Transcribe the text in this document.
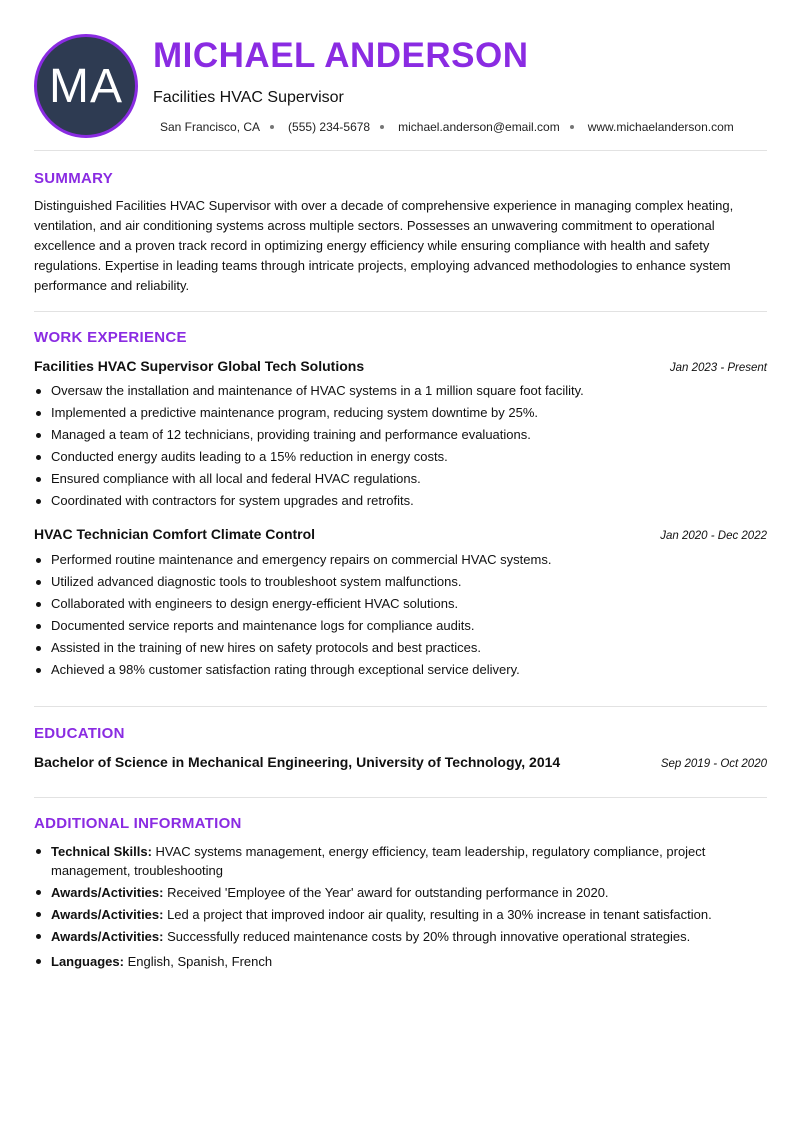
MA
MICHAEL ANDERSON
Facilities HVAC Supervisor
San Francisco, CA (555) 234-5678 michael.anderson@email.com www.michaelanderson.com
SUMMARY

Distinguished Facilities HVAC Supervisor with over a decade of comprehensive experience in managing complex heating, ventilation, and air conditioning systems across multiple sectors. Possesses an unwavering commitment to operational excellence and a proven track record in optimizing energy efficiency while ensuring compliance with health and safety regulations. Expertise in leading teams through intricate projects, employing advanced methodologies to enhance system performance and reliability.

WORK EXPERIENCE
Facilities HVAC Supervisor Global Tech Solutions	Jan 2023 - Present
Oversaw the installation and maintenance of HVAC systems in a 1 million square foot facility.
Implemented a predictive maintenance program, reducing system downtime by 25%.
Managed a team of 12 technicians, providing training and performance evaluations.
Conducted energy audits leading to a 15% reduction in energy costs.
Ensured compliance with all local and federal HVAC regulations.
Coordinated with contractors for system upgrades and retrofits.
HVAC Technician Comfort Climate Control	Jan 2020 - Dec 2022
Performed routine maintenance and emergency repairs on commercial HVAC systems.
Utilized advanced diagnostic tools to troubleshoot system malfunctions.
Collaborated with engineers to design energy-efficient HVAC solutions.
Documented service reports and maintenance logs for compliance audits.
Assisted in the training of new hires on safety protocols and best practices.
Achieved a 98% customer satisfaction rating through exceptional service delivery.
EDUCATION
Bachelor of Science in Mechanical Engineering, University of Technology, 2014	Sep 2019 - Oct 2020
ADDITIONAL INFORMATION
Technical Skills: HVAC systems management, energy efficiency, team leadership, regulatory compliance, project management, troubleshooting
Awards/Activities: Received 'Employee of the Year' award for outstanding performance in 2020.
Awards/Activities: Led a project that improved indoor air quality, resulting in a 30% increase in tenant satisfaction.
Awards/Activities: Successfully reduced maintenance costs by 20% through innovative operational strategies.
Languages: English, Spanish, French
